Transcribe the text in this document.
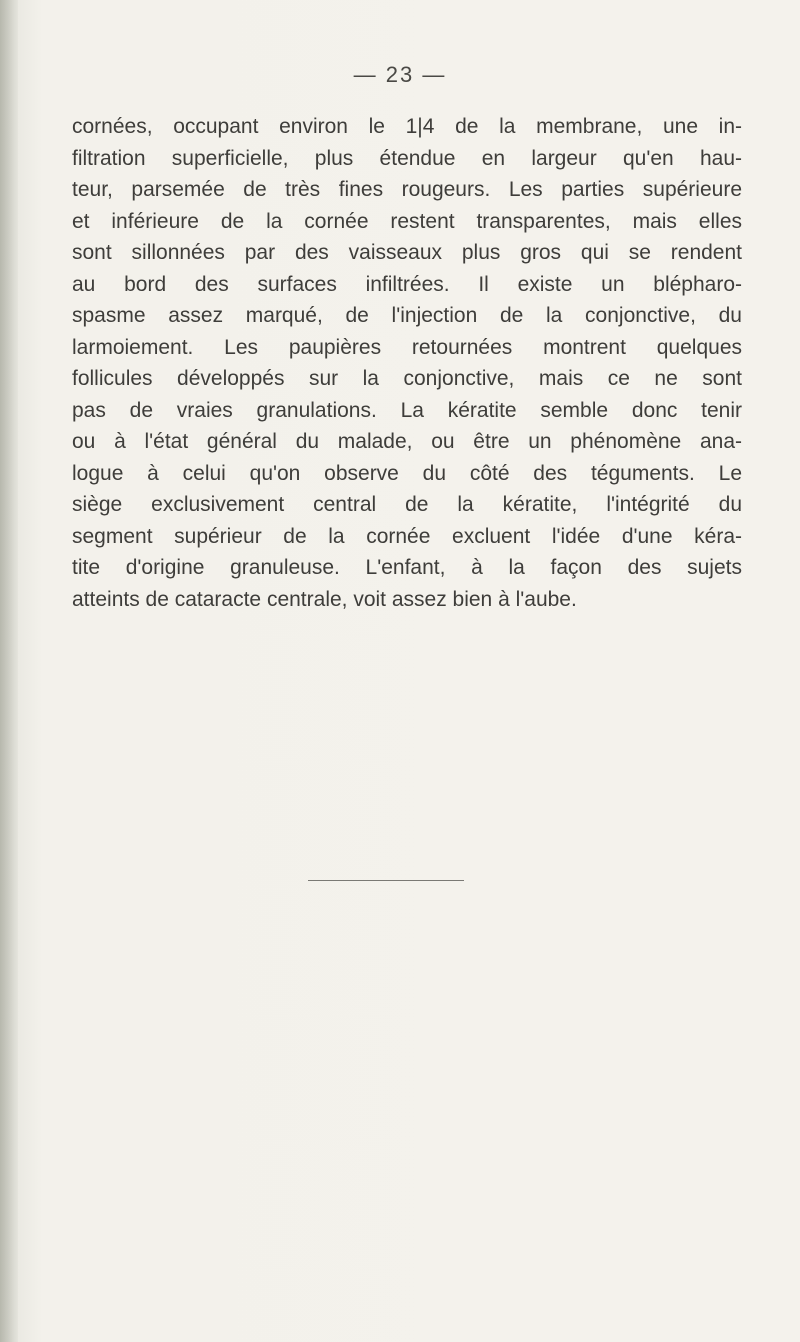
— 23 —
cornées, occupant environ le 1|4 de la membrane, une in-
filtration superficielle, plus étendue en largeur qu'en hau-
teur, parsemée de très fines rougeurs. Les parties supérieure
et inférieure de la cornée restent transparentes, mais elles
sont sillonnées par des vaisseaux plus gros qui se rendent
au bord des surfaces infiltrées. Il existe un blépharo-
spasme assez marqué, de l'injection de la conjonctive, du
larmoiement. Les paupières retournées montrent quelques
follicules développés sur la conjonctive, mais ce ne sont
pas de vraies granulations. La kératite semble donc tenir
ou à l'état général du malade, ou être un phénomène ana-
logue à celui qu'on observe du côté des téguments. Le
siège exclusivement central de la kératite, l'intégrité du
segment supérieur de la cornée excluent l'idée d'une kéra-
tite d'origine granuleuse. L'enfant, à la façon des sujets
atteints de cataracte centrale, voit assez bien à l'aube.
